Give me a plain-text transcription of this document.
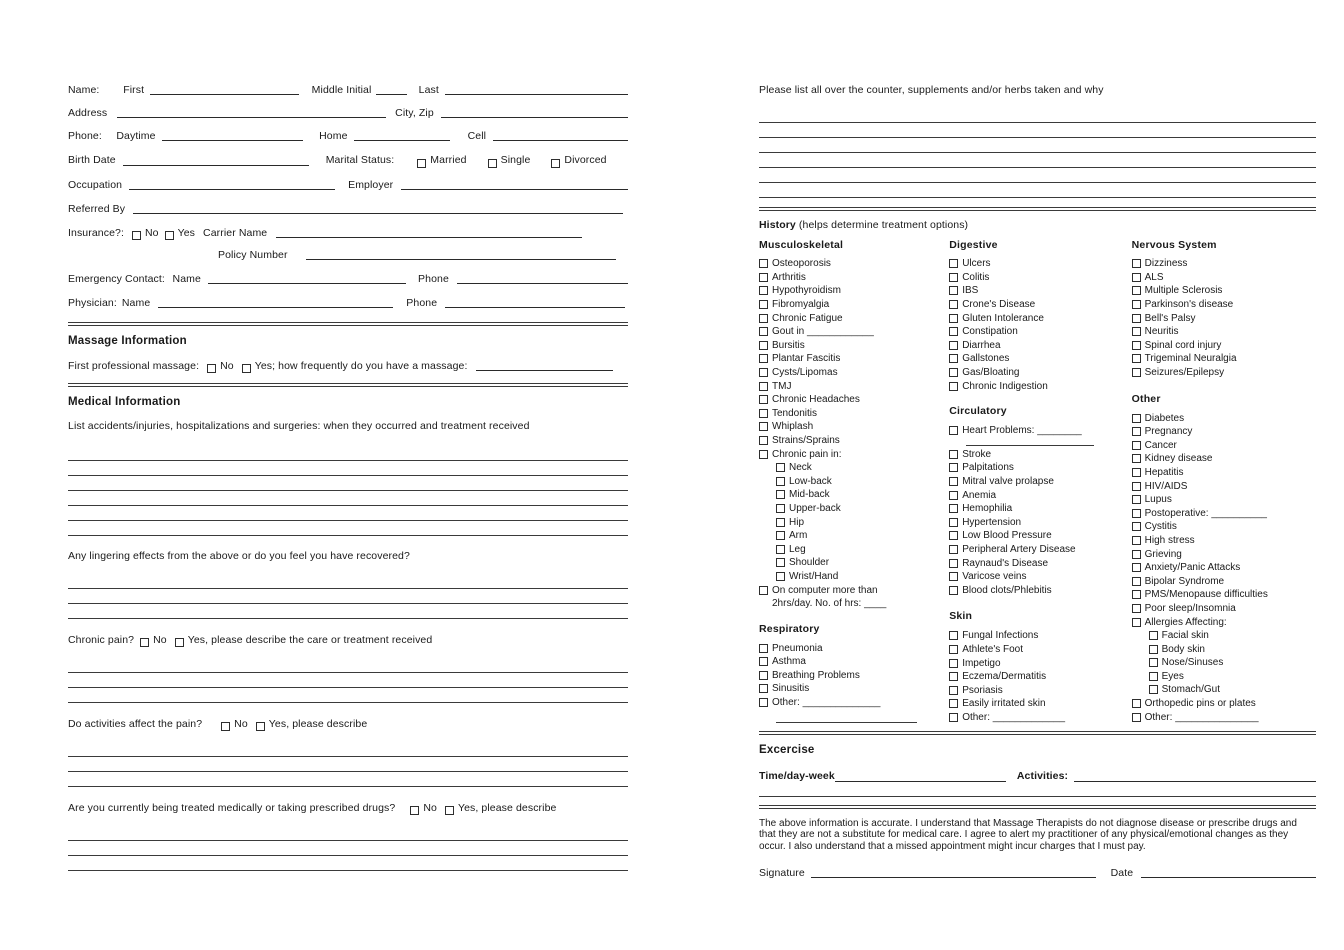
Name: First	Middle Initial	Last
Address	City, Zip
Phone: Daytime	Home	Cell
Birth Date	Marital Status:	Married	Single	Divorced
Occupation	Employer
Referred By
Insurance?: No Yes Carrier Name
Policy Number
Emergency Contact: Name	Phone
Physician: Name	Phone
Massage Information
First professional massage: No Yes; how frequently do you have a massage:
Medical Information
List accidents/injuries, hospitalizations and surgeries: when they occurred and treatment received
Any lingering effects from the above or do you feel you have recovered?
Chronic pain? No Yes, please describe the care or treatment received
Do activities affect the pain?	No Yes, please describe
Are you currently being treated medically or taking prescribed drugs?	No Yes, please describe
Please list all over the counter, supplements and/or herbs taken and why
History (helps determine treatment options)
Musculoskeletal
Osteoporosis
Arthritis
Hypothyroidism
Fibromyalgia
Chronic Fatigue
Gout in ____________
Bursitis
Plantar Fascitis
Cysts/Lipomas
TMJ
Chronic Headaches
Tendonitis
Whiplash
Strains/Sprains
Chronic pain in:
Neck
Low-back
Mid-back
Upper-back
Hip
Arm
Leg
Shoulder
Wrist/Hand
On computer more than
2hrs/day. No. of hrs: ____
Respiratory
Pneumonia
Asthma
Breathing Problems
Sinusitis
Other: ______________
Digestive
Ulcers
Colitis
IBS
Crone's Disease
Gluten Intolerance
Constipation
Diarrhea
Gallstones
Gas/Bloating
Chronic Indigestion
Circulatory
Heart Problems: ________
Stroke
Palpitations
Mitral valve prolapse
Anemia
Hemophilia
Hypertension
Low Blood Pressure
Peripheral Artery Disease
Raynaud's Disease
Varicose veins
Blood clots/Phlebitis
Skin
Fungal Infections
Athlete's Foot
Impetigo
Eczema/Dermatitis
Psoriasis
Easily irritated skin
Other: _____________
Nervous System
Dizziness
ALS
Multiple Sclerosis
Parkinson's disease
Bell's Palsy
Neuritis
Spinal cord injury
Trigeminal Neuralgia
Seizures/Epilepsy
Other
Diabetes
Pregnancy
Cancer
Kidney disease
Hepatitis
HIV/AIDS
Lupus
Postoperative: __________
Cystitis
High stress
Grieving
Anxiety/Panic Attacks
Bipolar Syndrome
PMS/Menopause difficulties
Poor sleep/Insomnia
Allergies Affecting:
Facial skin
Body skin
Nose/Sinuses
Eyes
Stomach/Gut
Orthopedic pins or plates
Other: _______________
Excercise
Time/day-week	Activities:
The above information is accurate. I understand that Massage Therapists do not diagnose disease or prescribe drugs and that they are not a substitute for medical care. I agree to alert my practitioner of any physical/emotional changes as they occur. I also understand that a missed appointment might incur charges that I must pay.
Signature	Date
